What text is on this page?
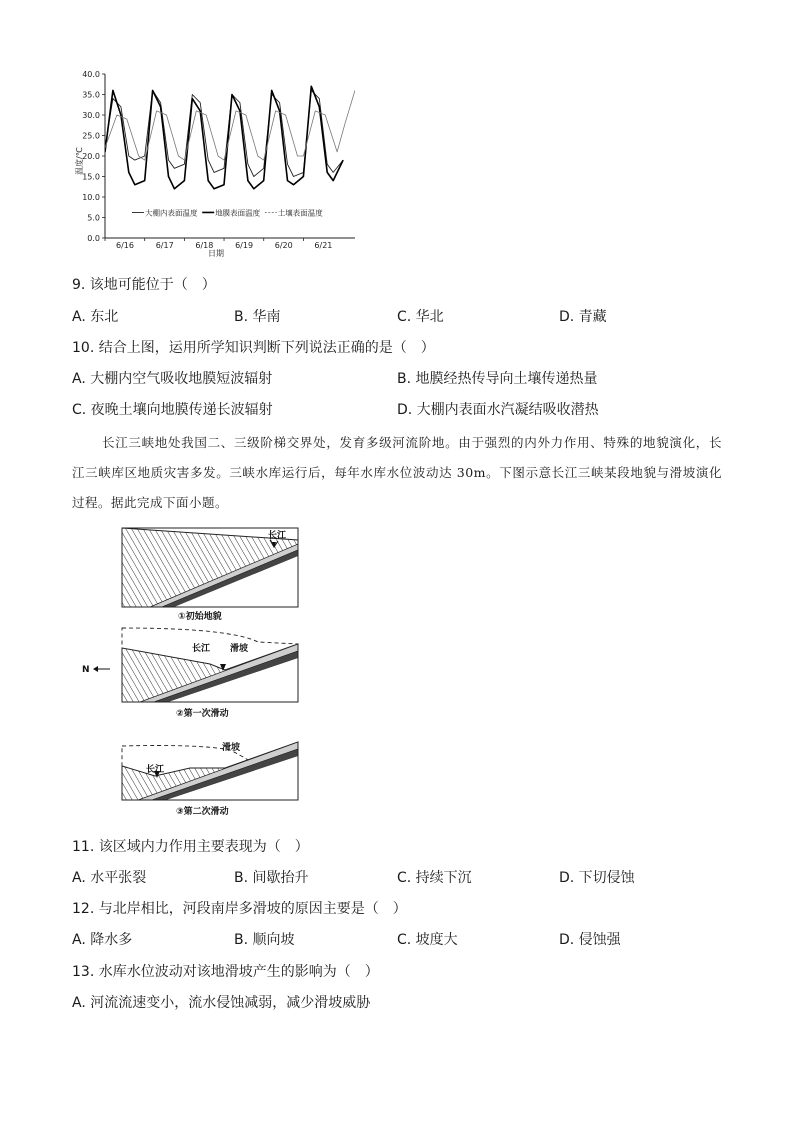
0.0
5.0
10.0
15.0
20.0
25.0
30.0
35.0
40.0
6/16	6/17	6/18	6/19	6/20	6/21
大棚内表面温度 地膜表面温度 土壤表面温度
温度/℃
日期
9. 该地可能位于（　）
A. 东北	B. 华南	C. 华北	D. 青藏
10. 结合上图，运用所学知识判断下列说法正确的是（　）
A. 大棚内空气吸收地膜短波辐射	B. 地膜经热传导向土壤传递热量
C. 夜晚土壤向地膜传递长波辐射	D. 大棚内表面水汽凝结吸收潜热
长江三峡地处我国二、三级阶梯交界处，发育多级河流阶地。由于强烈的内外力作用、特殊的地貌演化，长江三峡库区地质灾害多发。三峡水库运行后，每年水库水位波动达 30m。下图示意长江三峡某段地貌与滑坡演化过程。据此完成下面小题。
长江
①初始地貌
长江 滑坡
②第一次滑动
N
长江
滑坡
③第二次滑动
11. 该区域内力作用主要表现为（　）
A. 水平张裂	B. 间歇抬升	C. 持续下沉	D. 下切侵蚀
12. 与北岸相比，河段南岸多滑坡的原因主要是（　）
A. 降水多	B. 顺向坡	C. 坡度大	D. 侵蚀强
13. 水库水位波动对该地滑坡产生的影响为（　）
A. 河流流速变小，流水侵蚀减弱，减少滑坡威胁
